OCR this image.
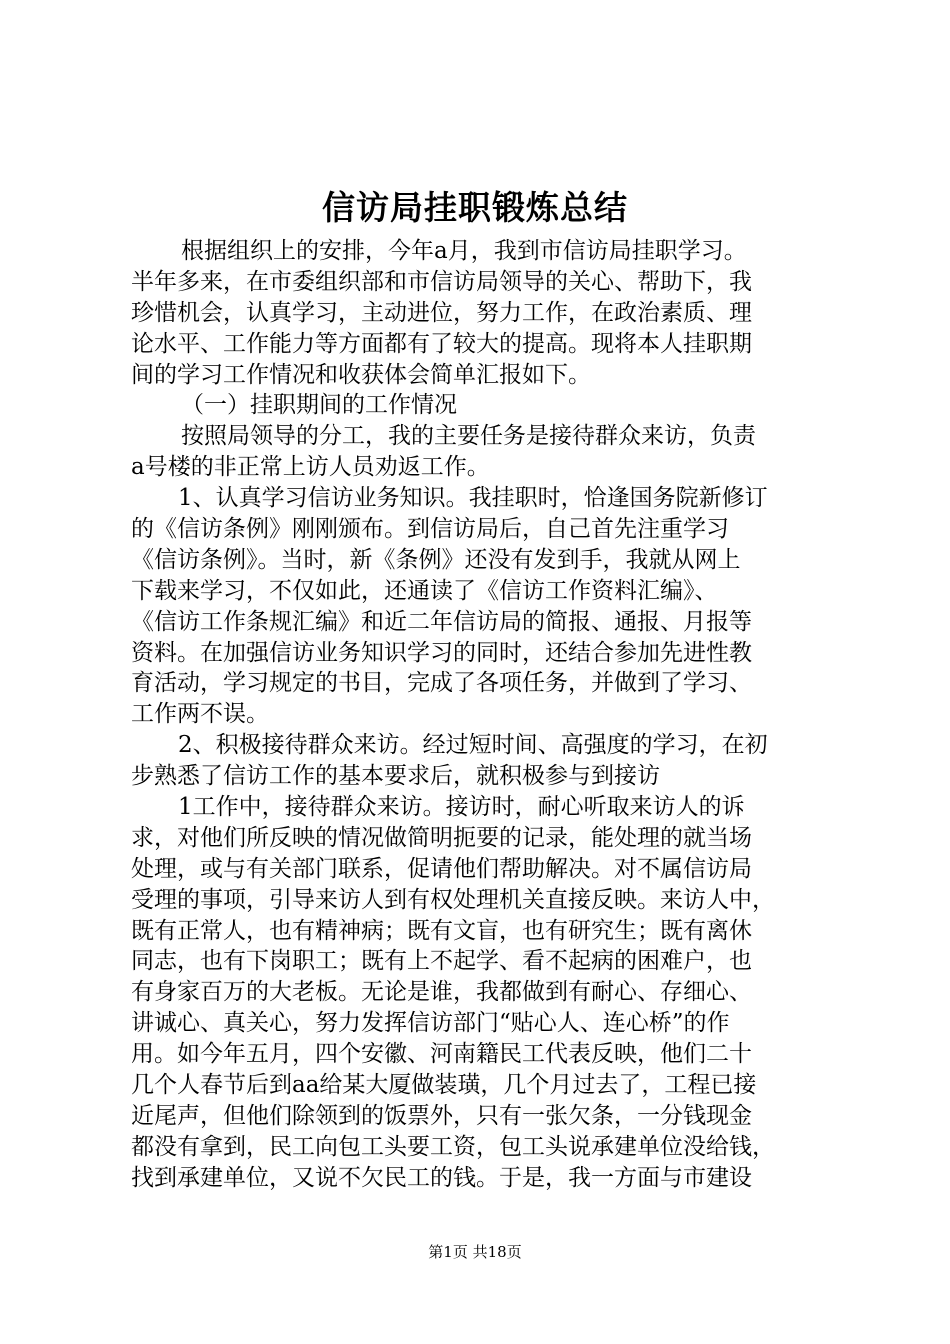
信访局挂职锻炼总结
根据组织上的安排，今年a月，我到市信访局挂职学习。
半年多来，在市委组织部和市信访局领导的关心、帮助下，我
珍惜机会，认真学习，主动进位，努力工作，在政治素质、理
论水平、工作能力等方面都有了较大的提高。现将本人挂职期
间的学习工作情况和收获体会简单汇报如下。
（一）挂职期间的工作情况
按照局领导的分工，我的主要任务是接待群众来访，负责
a号楼的非正常上访人员劝返工作。
1、认真学习信访业务知识。我挂职时，恰逢国务院新修订
的《信访条例》刚刚颁布。到信访局后，自己首先注重学习
《信访条例》。当时，新《条例》还没有发到手，我就从网上
下载来学习，不仅如此，还通读了《信访工作资料汇编》、
《信访工作条规汇编》和近二年信访局的简报、通报、月报等
资料。在加强信访业务知识学习的同时，还结合参加先进性教
育活动，学习规定的书目，完成了各项任务，并做到了学习、
工作两不误。
2、积极接待群众来访。经过短时间、高强度的学习，在初
步熟悉了信访工作的基本要求后，就积极参与到接访
1工作中，接待群众来访。接访时，耐心听取来访人的诉
求，对他们所反映的情况做简明扼要的记录，能处理的就当场
处理，或与有关部门联系，促请他们帮助解决。对不属信访局
受理的事项，引导来访人到有权处理机关直接反映。来访人中，
既有正常人，也有精神病；既有文盲，也有研究生；既有离休
同志，也有下岗职工；既有上不起学、看不起病的困难户，也
有身家百万的大老板。无论是谁，我都做到有耐心、存细心、
讲诚心、真关心，努力发挥信访部门“贴心人、连心桥”的作
用。如今年五月，四个安徽、河南籍民工代表反映，他们二十
几个人春节后到aa给某大厦做装璜，几个月过去了，工程已接
近尾声，但他们除领到的饭票外，只有一张欠条，一分钱现金
都没有拿到，民工向包工头要工资，包工头说承建单位没给钱，
找到承建单位，又说不欠民工的钱。于是，我一方面与市建设
第1页 共18页
